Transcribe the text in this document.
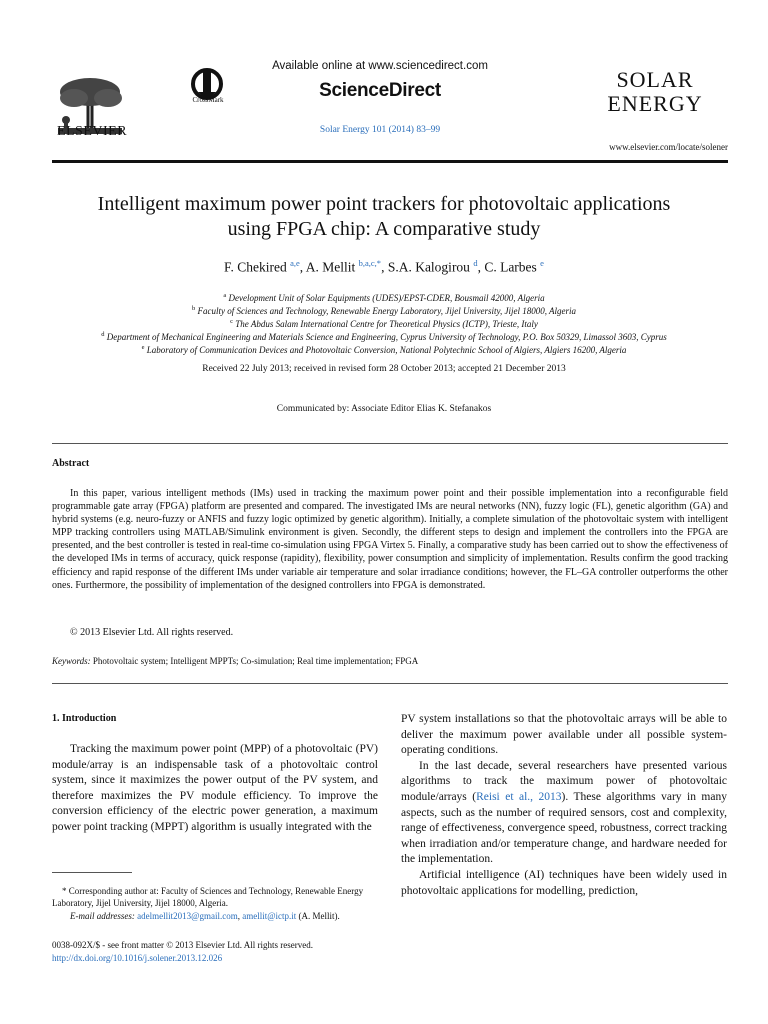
ELSEVIER
CrossMark
Available online at www.sciencedirect.com
ScienceDirect
Solar Energy 101 (2014) 83–99
SOLAR
ENERGY
www.elsevier.com/locate/solener
Intelligent maximum power point trackers for photovoltaic applications using FPGA chip: A comparative study
F. Chekired $^{a,e}$, A. Mellit $^{b,a,c,*}$, S.A. Kalogirou $^d$, C. Larbes $^e$
$^a$ Development Unit of Solar Equipments (UDES)/EPST-CDER, Bousmail 42000, Algeria
$^b$ Faculty of Sciences and Technology, Renewable Energy Laboratory, Jijel University, Jijel 18000, Algeria
$^c$ The Abdus Salam International Centre for Theoretical Physics (ICTP), Trieste, Italy
$^d$ Department of Mechanical Engineering and Materials Science and Engineering, Cyprus University of Technology, P.O. Box 50329, Limassol 3603, Cyprus
$^e$ Laboratory of Communication Devices and Photovoltaic Conversion, National Polytechnic School of Algiers, Algiers 16200, Algeria
Received 22 July 2013; received in revised form 28 October 2013; accepted 21 December 2013
Communicated by: Associate Editor Elias K. Stefanakos
Abstract
In this paper, various intelligent methods (IMs) used in tracking the maximum power point and their possible implementation into a reconfigurable field programmable gate array (FPGA) platform are presented and compared. The investigated IMs are neural networks (NN), fuzzy logic (FL), genetic algorithm (GA) and hybrid systems (e.g. neuro-fuzzy or ANFIS and fuzzy logic optimized by genetic algorithm). Initially, a complete simulation of the photovoltaic system with intelligent MPP tracking controllers using MATLAB/Simulink environment is given. Secondly, the different steps to design and implement the controllers into the FPGA are presented, and the best controller is tested in real-time co-simulation using FPGA Virtex 5. Finally, a comparative study has been carried out to show the effectiveness of the developed IMs in terms of accuracy, quick response (rapidity), flexibility, power consumption and simplicity of implementation. Results confirm the good tracking efficiency and rapid response of the different IMs under variable air temperature and solar irradiance conditions; however, the FL–GA controller outperforms the other ones. Furthermore, the possibility of implementation of the designed controllers into FPGA is demonstrated.
© 2013 Elsevier Ltd. All rights reserved.
Keywords: Photovoltaic system; Intelligent MPPTs; Co-simulation; Real time implementation; FPGA
1. Introduction
Tracking the maximum power point (MPP) of a photovoltaic (PV) module/array is an indispensable task of a photovoltaic control system, since it maximizes the power output of the PV system, and therefore maximizes the PV module efficiency. To improve the conversion efficiency of the electric power generation, a maximum power point tracking (MPPT) algorithm is usually integrated with the

PV system installations so that the photovoltaic arrays will be able to deliver the maximum power available under all possible system-operating conditions.

In the last decade, several researchers have presented various algorithms to track the maximum power of photovoltaic module/arrays (Reisi et al., 2013). These algorithms vary in many aspects, such as the number of required sensors, cost and complexity, range of effectiveness, convergence speed, robustness, correct tracking when irradiation and/or temperature change, and hardware needed for the implementation.

Artificial intelligence (AI) techniques have been widely used in photovoltaic applications for modelling, prediction,

* Corresponding author at: Faculty of Sciences and Technology, Renewable Energy Laboratory, Jijel University, Jijel 18000, Algeria.
E-mail addresses: adelmellit2013@gmail.com, amellit@ictp.it (A. Mellit).
0038-092X/$ - see front matter © 2013 Elsevier Ltd. All rights reserved.
http://dx.doi.org/10.1016/j.solener.2013.12.026
